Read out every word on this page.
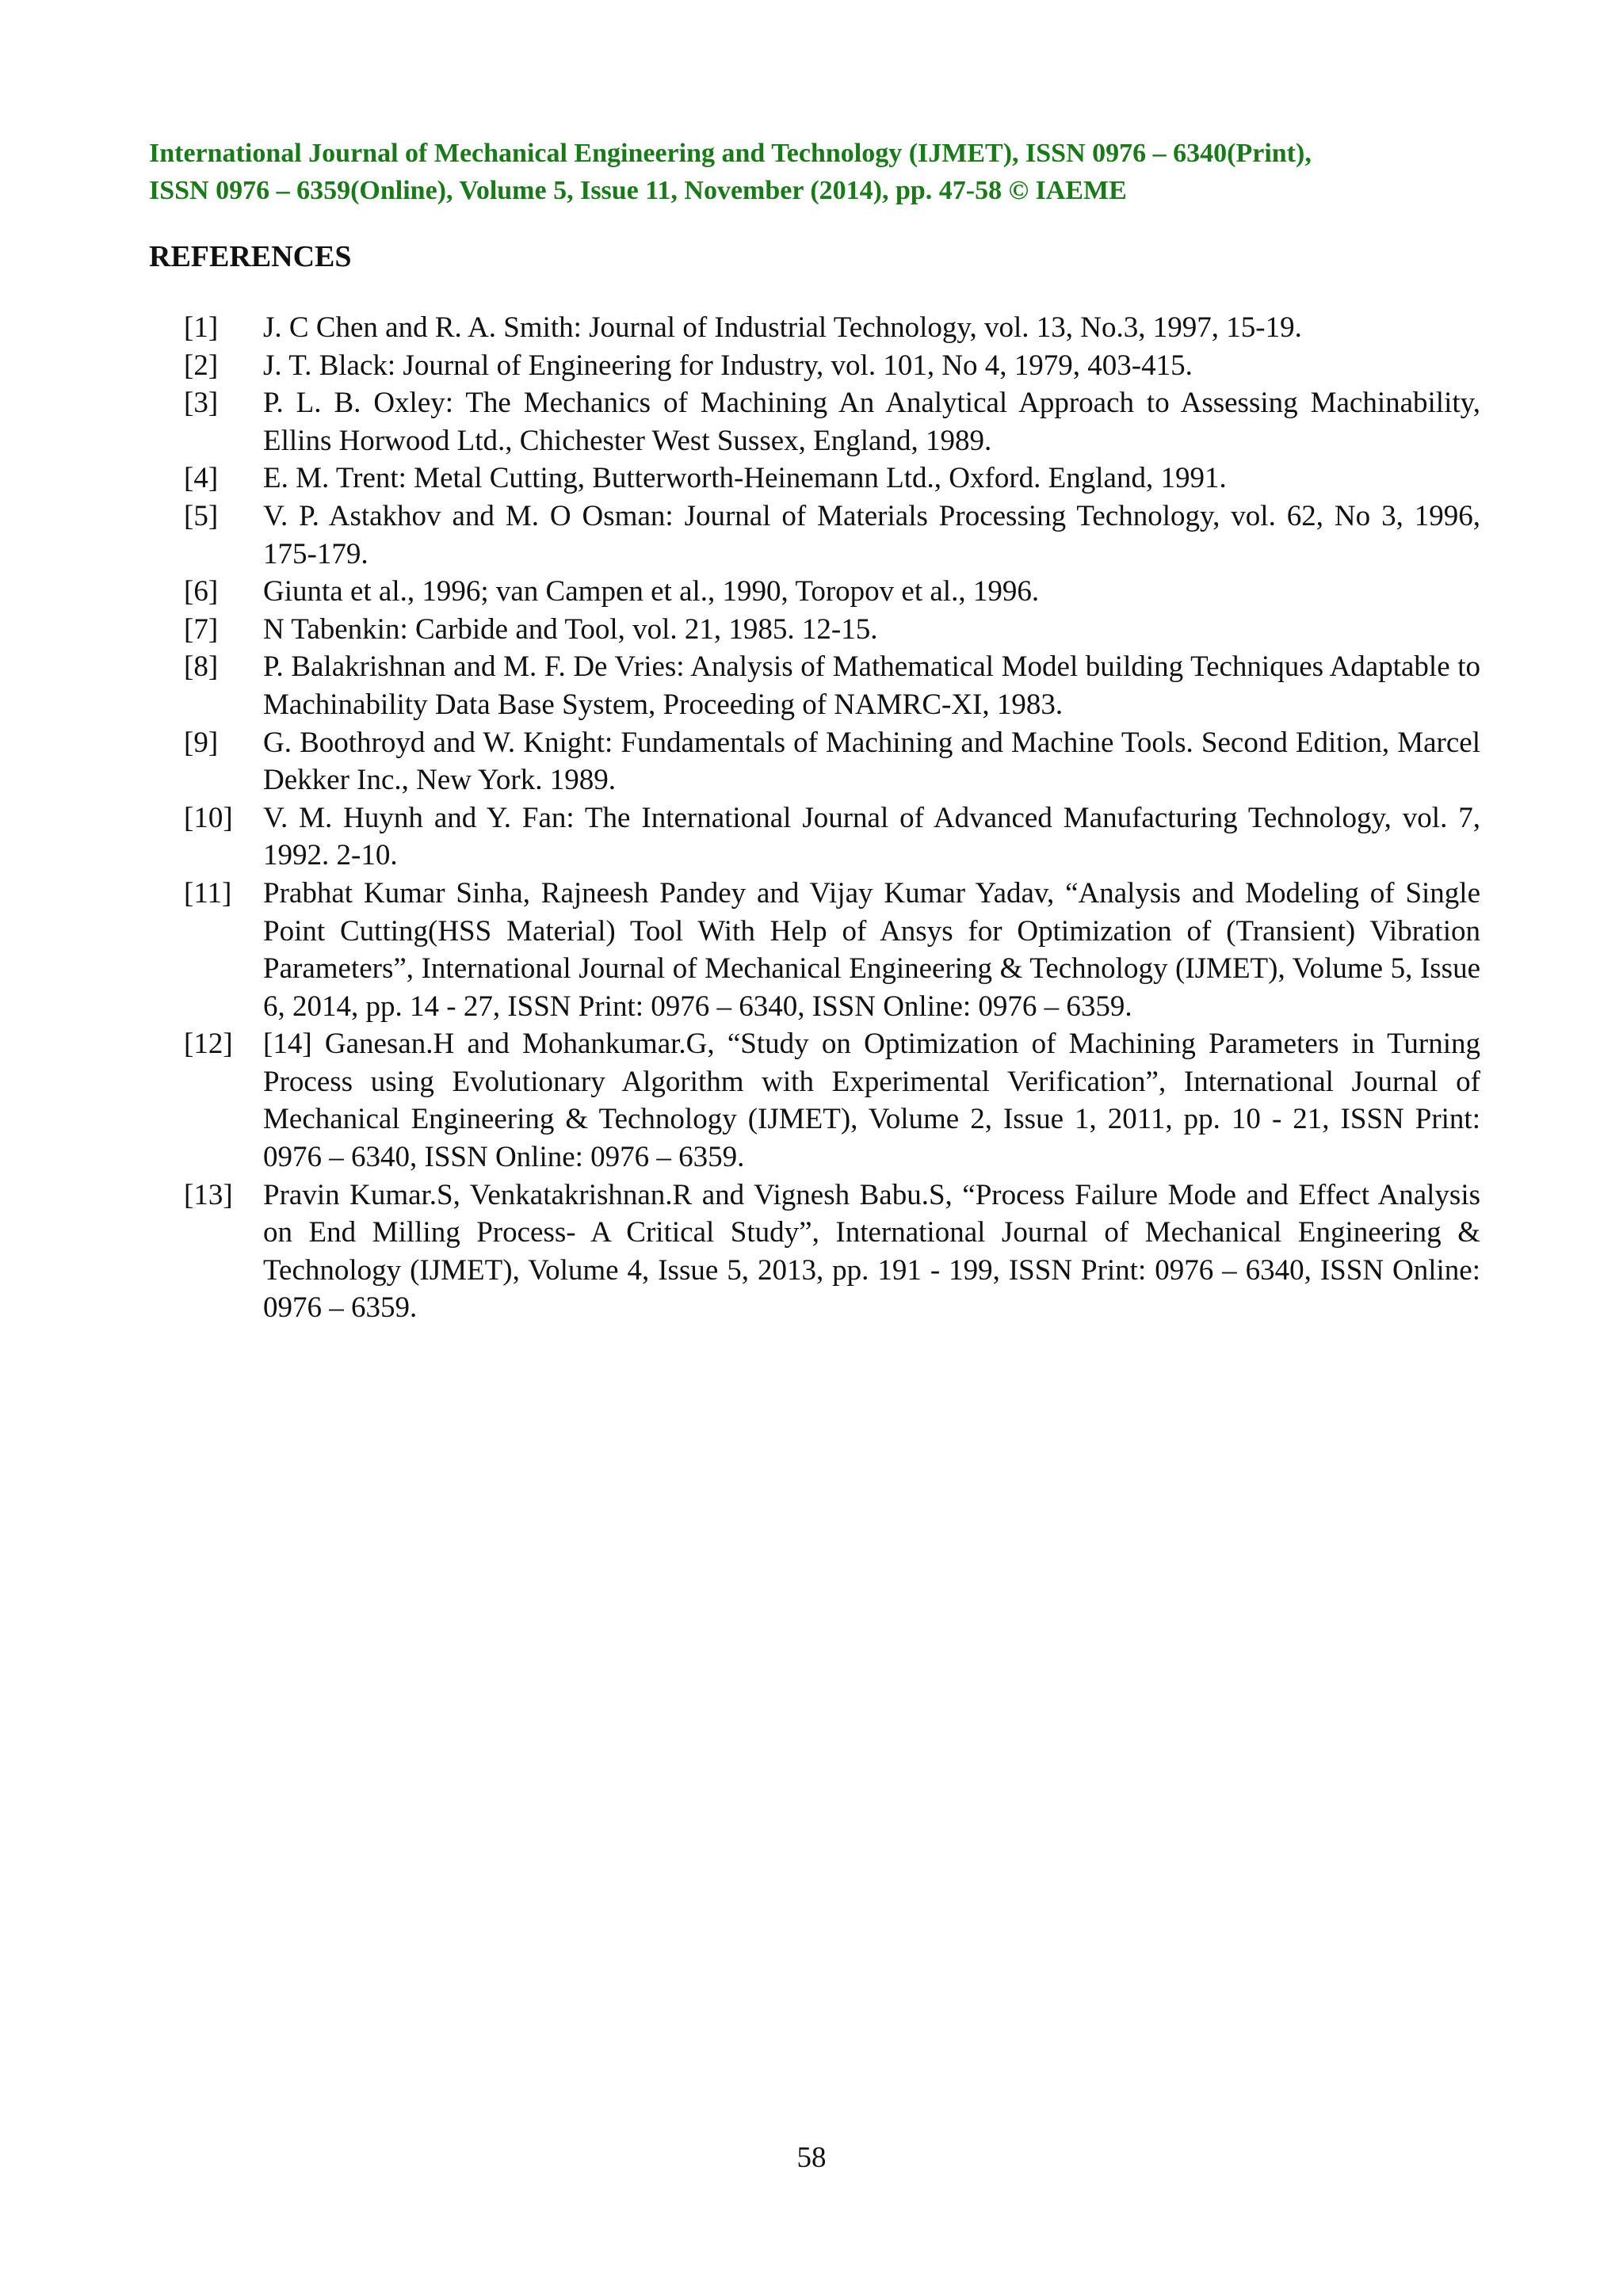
International Journal of Mechanical Engineering and Technology (IJMET), ISSN 0976 – 6340(Print),
ISSN 0976 – 6359(Online), Volume 5, Issue 11, November (2014), pp. 47-58 © IAEME
REFERENCES
[1] J. C Chen and R. A. Smith: Journal of Industrial Technology, vol. 13, No.3, 1997, 15-19.
[2] J. T. Black: Journal of Engineering for Industry, vol. 101, No 4, 1979, 403-415.
[3] P. L. B. Oxley: The Mechanics of Machining An Analytical Approach to Assessing Machinability, Ellins Horwood Ltd., Chichester West Sussex, England, 1989.
[4] E. M. Trent: Metal Cutting, Butterworth-Heinemann Ltd., Oxford. England, 1991.
[5] V. P. Astakhov and M. O Osman: Journal of Materials Processing Technology, vol. 62, No 3, 1996, 175-179.
[6] Giunta et al., 1996; van Campen et al., 1990, Toropov et al., 1996.
[7] N Tabenkin: Carbide and Tool, vol. 21, 1985. 12-15.
[8] P. Balakrishnan and M. F. De Vries: Analysis of Mathematical Model building Techniques Adaptable to Machinability Data Base System, Proceeding of NAMRC-XI, 1983.
[9] G. Boothroyd and W. Knight: Fundamentals of Machining and Machine Tools. Second Edition, Marcel Dekker Inc., New York. 1989.
[10] V. M. Huynh and Y. Fan: The International Journal of Advanced Manufacturing Technology, vol. 7, 1992. 2-10.
[11] Prabhat Kumar Sinha, Rajneesh Pandey and Vijay Kumar Yadav, “Analysis and Modeling of Single Point Cutting(HSS Material) Tool With Help of Ansys for Optimization of (Transient) Vibration Parameters”, International Journal of Mechanical Engineering & Technology (IJMET), Volume 5, Issue 6, 2014, pp. 14 - 27, ISSN Print: 0976 – 6340, ISSN Online: 0976 – 6359.
[12] [14] Ganesan.H and Mohankumar.G, “Study on Optimization of Machining Parameters in Turning Process using Evolutionary Algorithm with Experimental Verification”, International Journal of Mechanical Engineering & Technology (IJMET), Volume 2, Issue 1, 2011, pp. 10 - 21, ISSN Print: 0976 – 6340, ISSN Online: 0976 – 6359.
[13] Pravin Kumar.S, Venkatakrishnan.R and Vignesh Babu.S, “Process Failure Mode and Effect Analysis on End Milling Process- A Critical Study”, International Journal of Mechanical Engineering & Technology (IJMET), Volume 4, Issue 5, 2013, pp. 191 - 199, ISSN Print: 0976 – 6340, ISSN Online: 0976 – 6359.
58
